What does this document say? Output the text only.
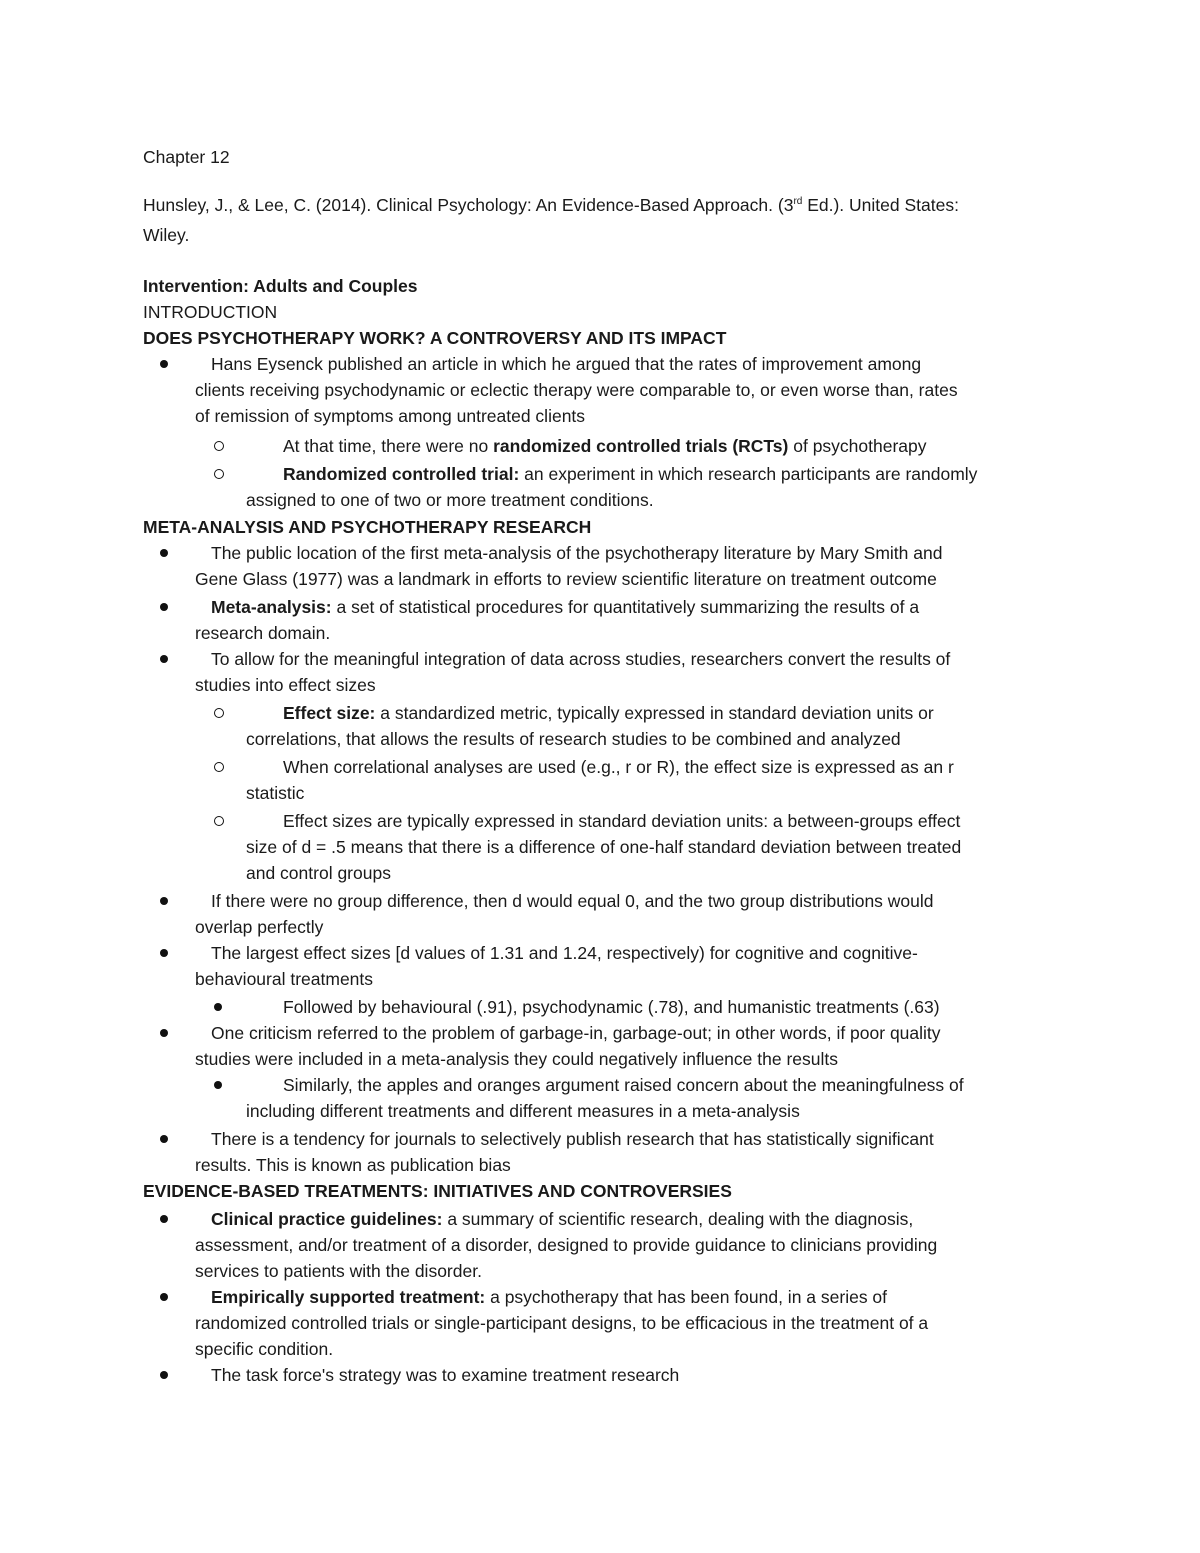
Chapter 12
Hunsley, J., & Lee, C. (2014). Clinical Psychology: An Evidence-Based Approach. (3rd Ed.). United States:
Wiley.
Intervention: Adults and Couples
INTRODUCTION
DOES PSYCHOTHERAPY WORK? A CONTROVERSY AND ITS IMPACT
Hans Eysenck published an article in which he argued that the rates of improvement among
clients receiving psychodynamic or eclectic therapy were comparable to, or even worse than, rates
of remission of symptoms among untreated clients
At that time, there were no randomized controlled trials (RCTs) of psychotherapy
Randomized controlled trial: an experiment in which research participants are randomly
assigned to one of two or more treatment conditions.
META-ANALYSIS AND PSYCHOTHERAPY RESEARCH
The public location of the first meta-analysis of the psychotherapy literature by Mary Smith and
Gene Glass (1977) was a landmark in efforts to review scientific literature on treatment outcome
Meta-analysis: a set of statistical procedures for quantitatively summarizing the results of a
research domain.
To allow for the meaningful integration of data across studies, researchers convert the results of
studies into effect sizes
Effect size: a standardized metric, typically expressed in standard deviation units or
correlations, that allows the results of research studies to be combined and analyzed
When correlational analyses are used (e.g., r or R), the effect size is expressed as an r
statistic
Effect sizes are typically expressed in standard deviation units: a between-groups effect
size of d = .5 means that there is a difference of one-half standard deviation between treated
and control groups
If there were no group difference, then d would equal 0, and the two group distributions would
overlap perfectly
The largest effect sizes [d values of 1.31 and 1.24, respectively) for cognitive and cognitive-
behavioural treatments
Followed by behavioural (.91), psychodynamic (.78), and humanistic treatments (.63)
One criticism referred to the problem of garbage-in, garbage-out; in other words, if poor quality
studies were included in a meta-analysis they could negatively influence the results
Similarly, the apples and oranges argument raised concern about the meaningfulness of
including different treatments and different measures in a meta-analysis
There is a tendency for journals to selectively publish research that has statistically significant
results. This is known as publication bias
EVIDENCE-BASED TREATMENTS: INITIATIVES AND CONTROVERSIES
Clinical practice guidelines: a summary of scientific research, dealing with the diagnosis,
assessment, and/or treatment of a disorder, designed to provide guidance to clinicians providing
services to patients with the disorder.
Empirically supported treatment: a psychotherapy that has been found, in a series of
randomized controlled trials or single-participant designs, to be efficacious in the treatment of a
specific condition.
The task force's strategy was to examine treatment research
